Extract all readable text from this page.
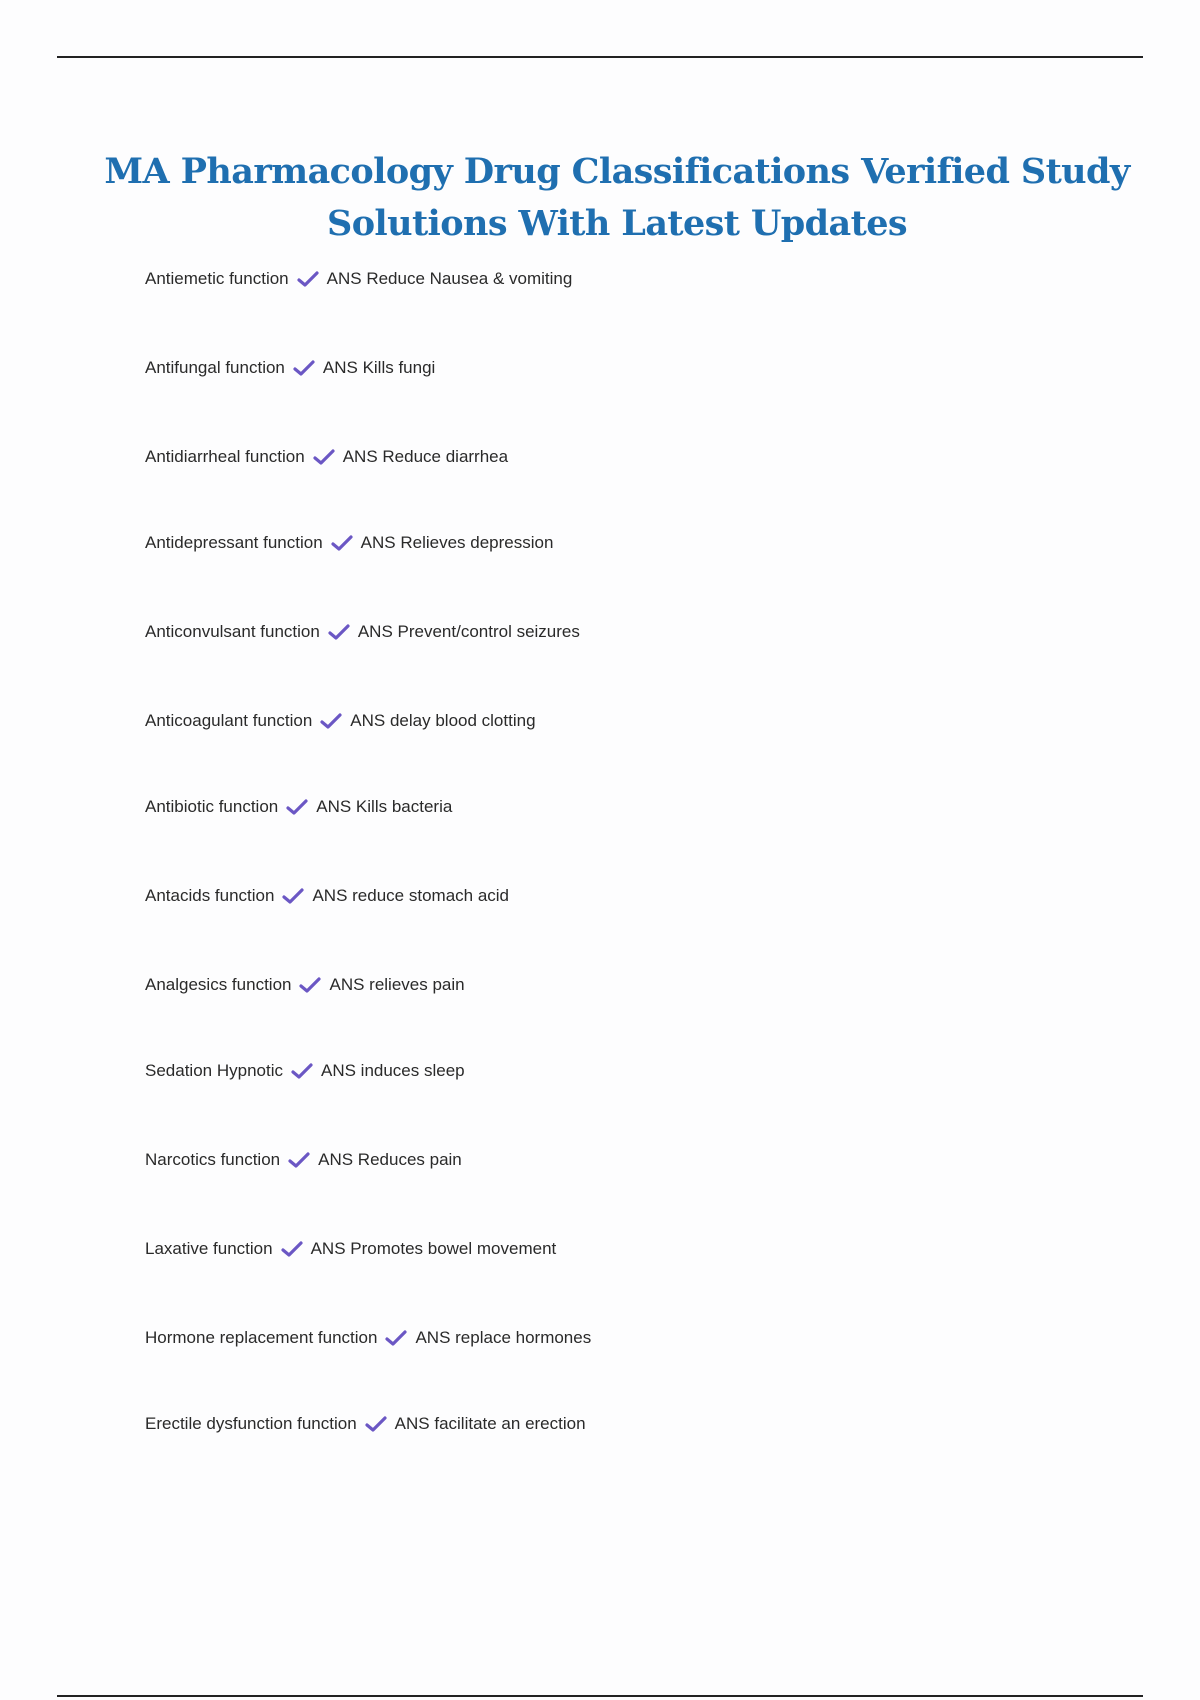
MA Pharmacology Drug Classifications Verified Study Solutions With Latest Updates
Antiemetic function ANS Reduce Nausea & vomiting
Antifungal function ANS Kills fungi
Antidiarrheal function ANS Reduce diarrhea
Antidepressant function ANS Relieves depression
Anticonvulsant function ANS Prevent/control seizures
Anticoagulant function ANS delay blood clotting
Antibiotic function ANS Kills bacteria
Antacids function ANS reduce stomach acid
Analgesics function ANS relieves pain
Sedation Hypnotic ANS induces sleep
Narcotics function ANS Reduces pain
Laxative function ANS Promotes bowel movement
Hormone replacement function ANS replace hormones
Erectile dysfunction function ANS facilitate an erection
